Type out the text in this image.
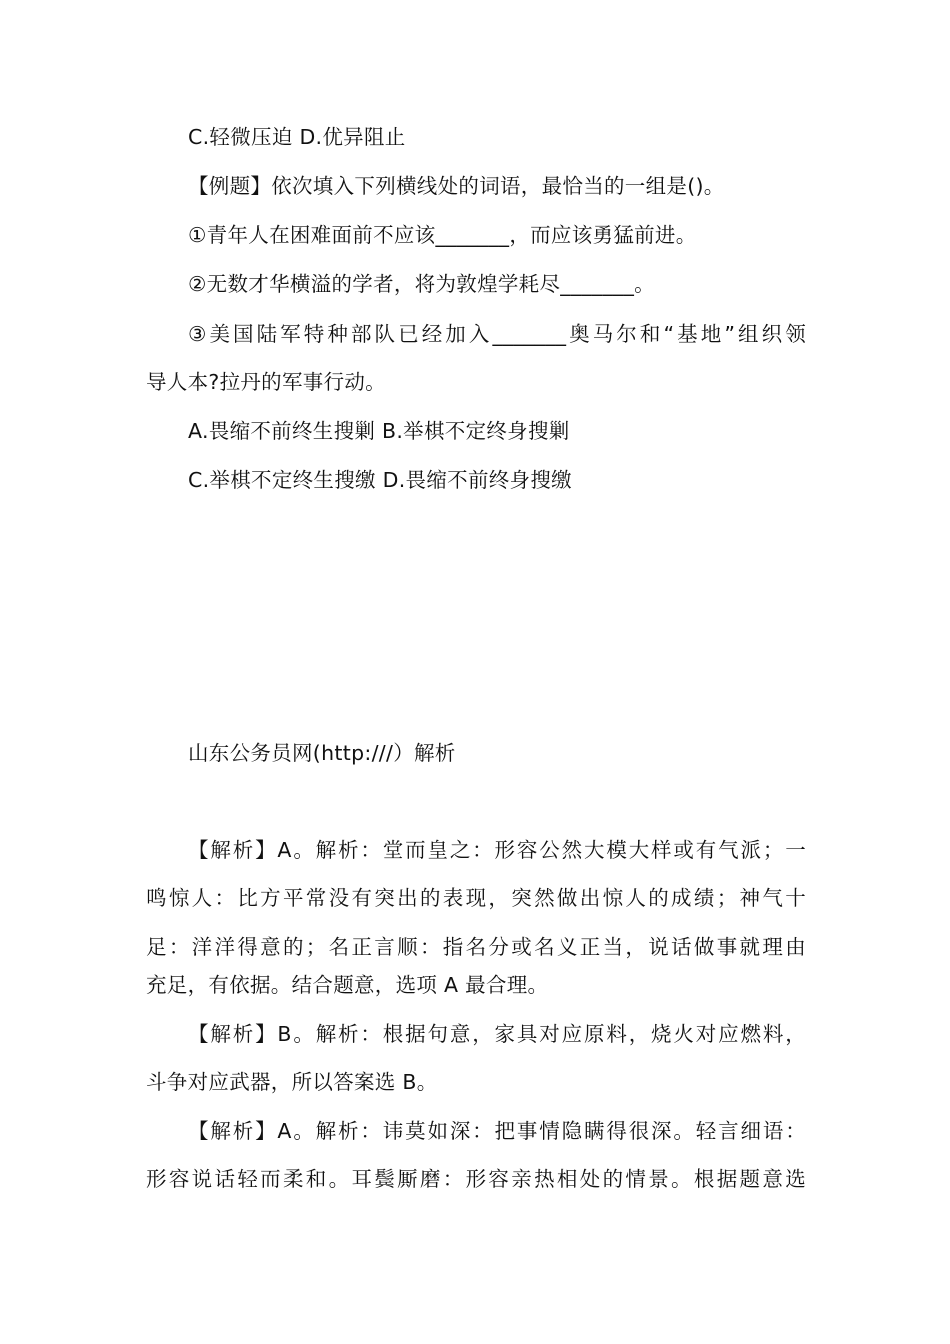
C.轻微压迫 D.优异阻止
【例题】依次填入下列横线处的词语，最恰当的一组是()。
①青年人在困难面前不应该_______，而应该勇猛前进。
②无数才华横溢的学者，将为敦煌学耗尽_______。
③美国陆军特种部队已经加入_______奥马尔和“基地”组织领
导人本?拉丹的军事行动。
A.畏缩不前终生搜剿 B.举棋不定终身搜剿
C.举棋不定终生搜缴 D.畏缩不前终身搜缴
山东公务员网(http:///）解析
【解析】A。解析：堂而皇之：形容公然大模大样或有气派；一
鸣惊人：比方平常没有突出的表现，突然做出惊人的成绩；神气十
足：洋洋得意的；名正言顺：指名分或名义正当，说话做事就理由
充足，有依据。结合题意，选项 A 最合理。
【解析】B。解析：根据句意，家具对应原料，烧火对应燃料，
斗争对应武器，所以答案选 B。
【解析】A。解析：讳莫如深：把事情隐瞒得很深。轻言细语：
形容说话轻而柔和。耳鬓厮磨：形容亲热相处的情景。根据题意选
